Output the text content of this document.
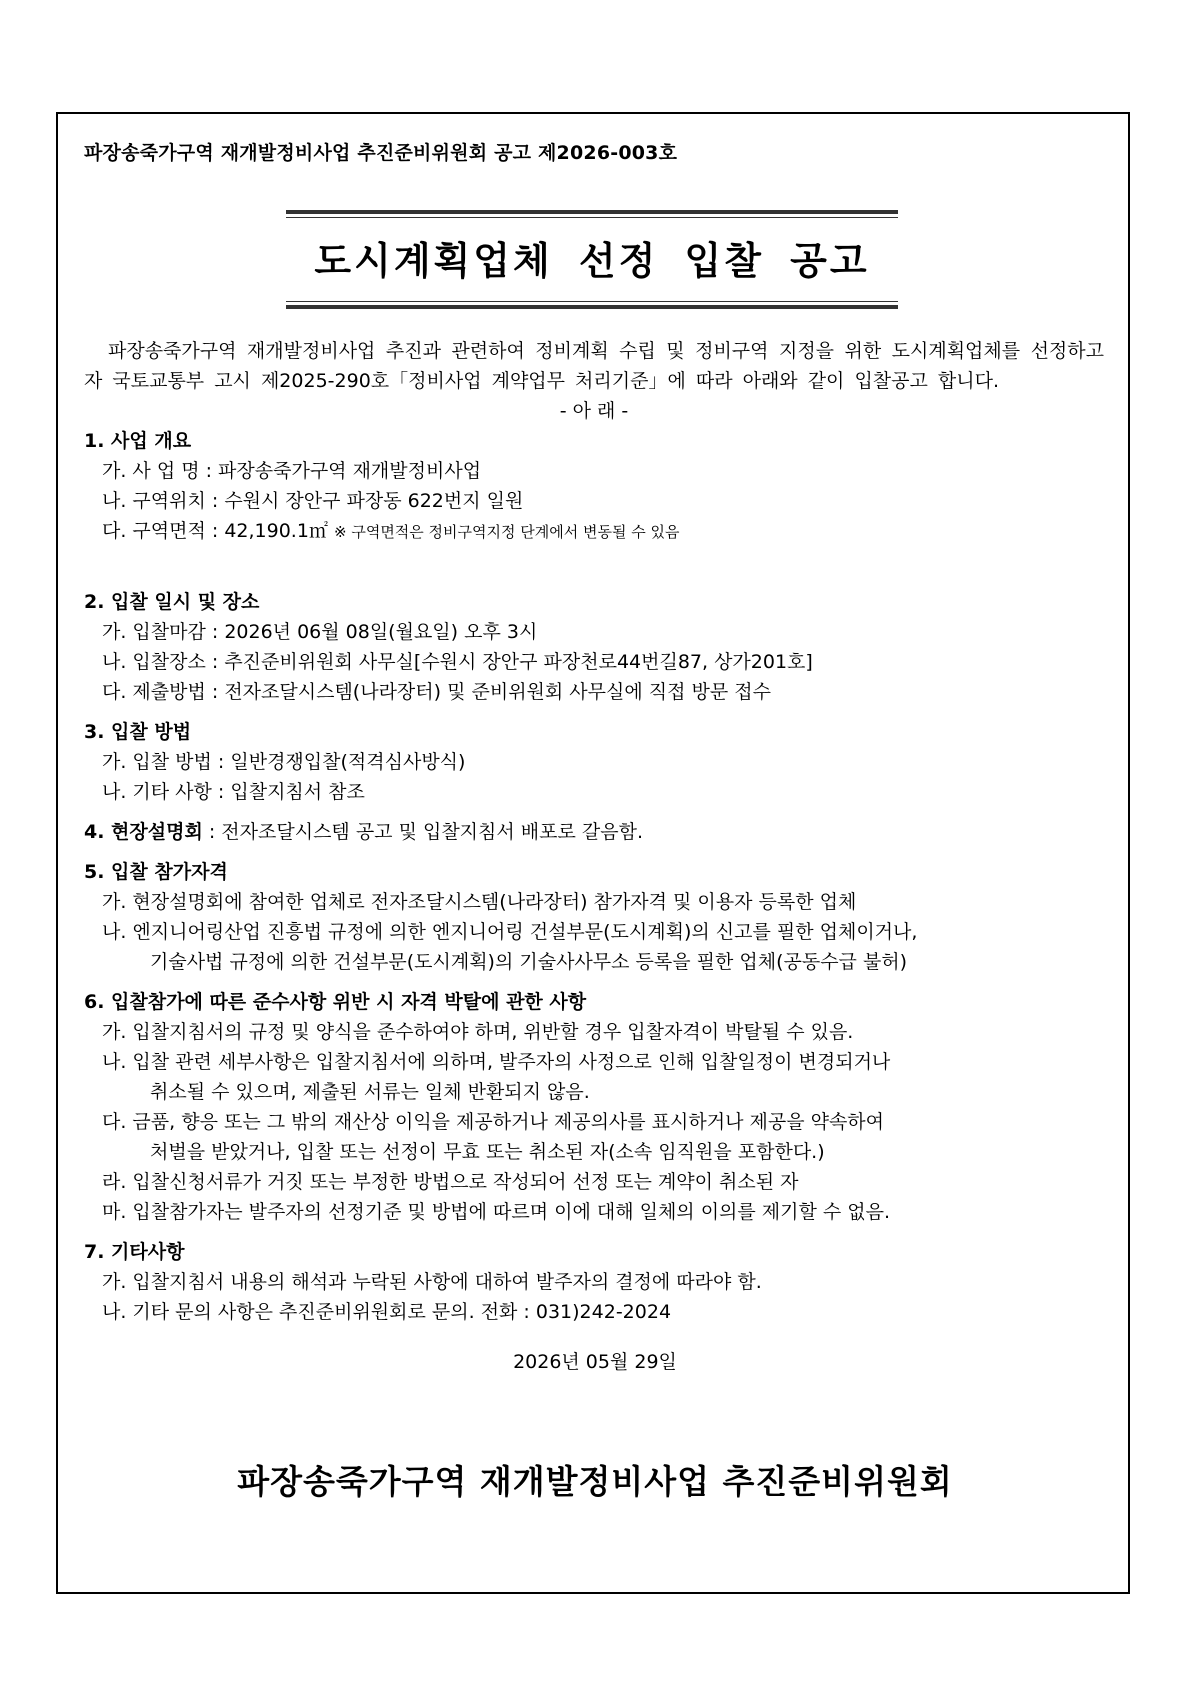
파장송죽가구역 재개발정비사업 추진준비위원회 공고 제2026-003호
도시계획업체 선정 입찰 공고
파장송죽가구역 재개발정비사업 추진과 관련하여 정비계획 수립 및 정비구역 지정을 위한 도시계획업체를 선정하고자 국토교통부 고시 제2025-290호「정비사업 계약업무 처리기준」에 따라 아래와 같이 입찰공고 합니다.
- 아 래 -
1. 사업 개요
가. 사 업 명 : 파장송죽가구역 재개발정비사업
나. 구역위치 : 수원시 장안구 파장동 622번지 일원
다. 구역면적 : 42,190.1㎡ ※ 구역면적은 정비구역지정 단계에서 변동될 수 있음
2. 입찰 일시 및 장소
가. 입찰마감 : 2026년 06월 08일(월요일) 오후 3시
나. 입찰장소 : 추진준비위원회 사무실[수원시 장안구 파장천로44번길87, 상가201호]
다. 제출방법 : 전자조달시스템(나라장터) 및 준비위원회 사무실에 직접 방문 접수
3. 입찰 방법
가. 입찰 방법 : 일반경쟁입찰(적격심사방식)
나. 기타 사항 : 입찰지침서 참조
4. 현장설명회 : 전자조달시스템 공고 및 입찰지침서 배포로 갈음함.
5. 입찰 참가자격
가. 현장설명회에 참여한 업체로 전자조달시스템(나라장터) 참가자격 및 이용자 등록한 업체
나. 엔지니어링산업 진흥법 규정에 의한 엔지니어링 건설부문(도시계획)의 신고를 필한 업체이거나,
기술사법 규정에 의한 건설부문(도시계획)의 기술사사무소 등록을 필한 업체(공동수급 불허)
6. 입찰참가에 따른 준수사항 위반 시 자격 박탈에 관한 사항
가. 입찰지침서의 규정 및 양식을 준수하여야 하며, 위반할 경우 입찰자격이 박탈될 수 있음.
나. 입찰 관련 세부사항은 입찰지침서에 의하며, 발주자의 사정으로 인해 입찰일정이 변경되거나
취소될 수 있으며, 제출된 서류는 일체 반환되지 않음.
다. 금품, 향응 또는 그 밖의 재산상 이익을 제공하거나 제공의사를 표시하거나 제공을 약속하여
처벌을 받았거나, 입찰 또는 선정이 무효 또는 취소된 자(소속 임직원을 포함한다.)
라. 입찰신청서류가 거짓 또는 부정한 방법으로 작성되어 선정 또는 계약이 취소된 자
마. 입찰참가자는 발주자의 선정기준 및 방법에 따르며 이에 대해 일체의 이의를 제기할 수 없음.
7. 기타사항
가. 입찰지침서 내용의 해석과 누락된 사항에 대하여 발주자의 결정에 따라야 함.
나. 기타 문의 사항은 추진준비위원회로 문의. 전화 : 031)242-2024
2026년 05월 29일
파장송죽가구역 재개발정비사업 추진준비위원회
